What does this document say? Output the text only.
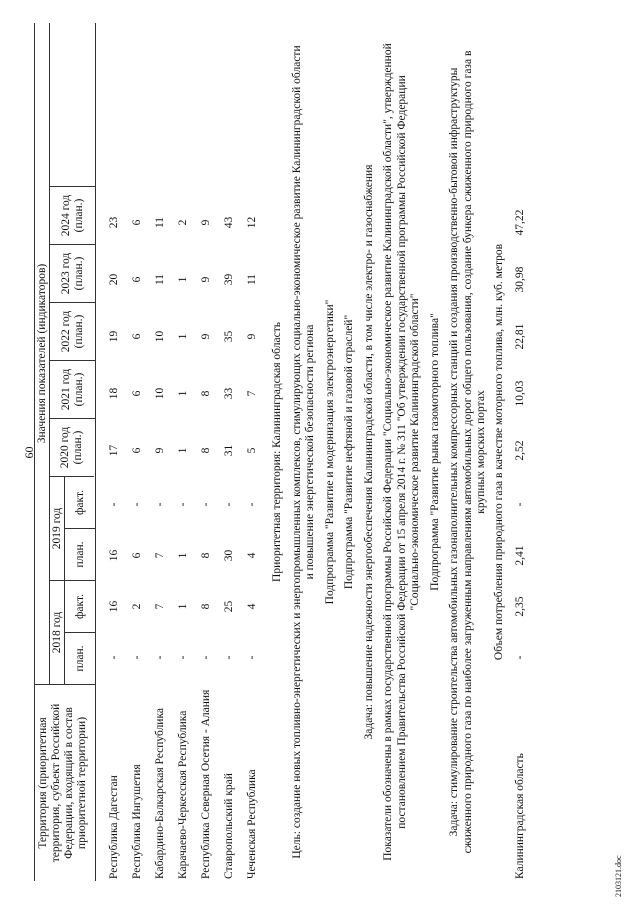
60
Территория (приоритетная территория, субъект Российской Федерации, входящий в состав приоритетной территории)
Значения показателей (индикаторов)
2018 год
план.
факт.
2019 год
план.
факт.
2020 год (план.)
2021 год (план.)
2022 год (план.)
2023 год (план.)
2024 год (план.)
Республика Дагестан
-
16
16
-
17
18
19
20
23
Республика Ингушетия
-
2
6
-
6
6
6
6
6
Кабардино-Балкарская Республика
-
7
7
-
9
10
10
11
11
Карачаево-Черкесская Республика
-
1
1
-
1
1
1
1
2
Республика Северная Осетия - Алания
-
8
8
-
8
8
9
9
9
Ставропольский край
-
25
30
-
31
33
35
39
43
Чеченская Республика
-
4
4
-
5
7
9
11
12
Приоритетная территория: Калининградская область Цель: создание новых топливно-энергетических и энергопромышленных комплексов, стимулирующих социально-экономическое развитие Калининградской области и повышение энергетической безопасности региона Подпрограмма "Развитие и модернизация электроэнергетики" Подпрограмма "Развитие нефтяной и газовой отраслей" Задача: повышение надежности энергообеспечения Калининградской области, в том числе электро- и газоснабжения Показатели обозначены в рамках государственной программы Российской Федерации "Социально-экономическое развитие Калининградской области", утвержденной постановлением Правительства Российской Федерации от 15 апреля 2014 г. № 311 "Об утверждении государственной программы Российской Федерации "Социально-экономическое развитие Калининградской области" Подпрограмма "Развитие рынка газомоторного топлива" Задача: стимулирование строительства автомобильных газонаполнительных компрессорных станций и создания производственно-бытовой инфраструктуры сжиженного природного газа по наиболее загруженным направлениям автомобильных дорог общего пользования, создание бункера сжиженного природного газа в крупных морских портах Объем потребления природного газа в качестве моторного топлива, млн. куб. метров
Калининградская область
-
2,35
2,41
-
2,52
10,03
22,81
30,98
47,22
2103121.doc
